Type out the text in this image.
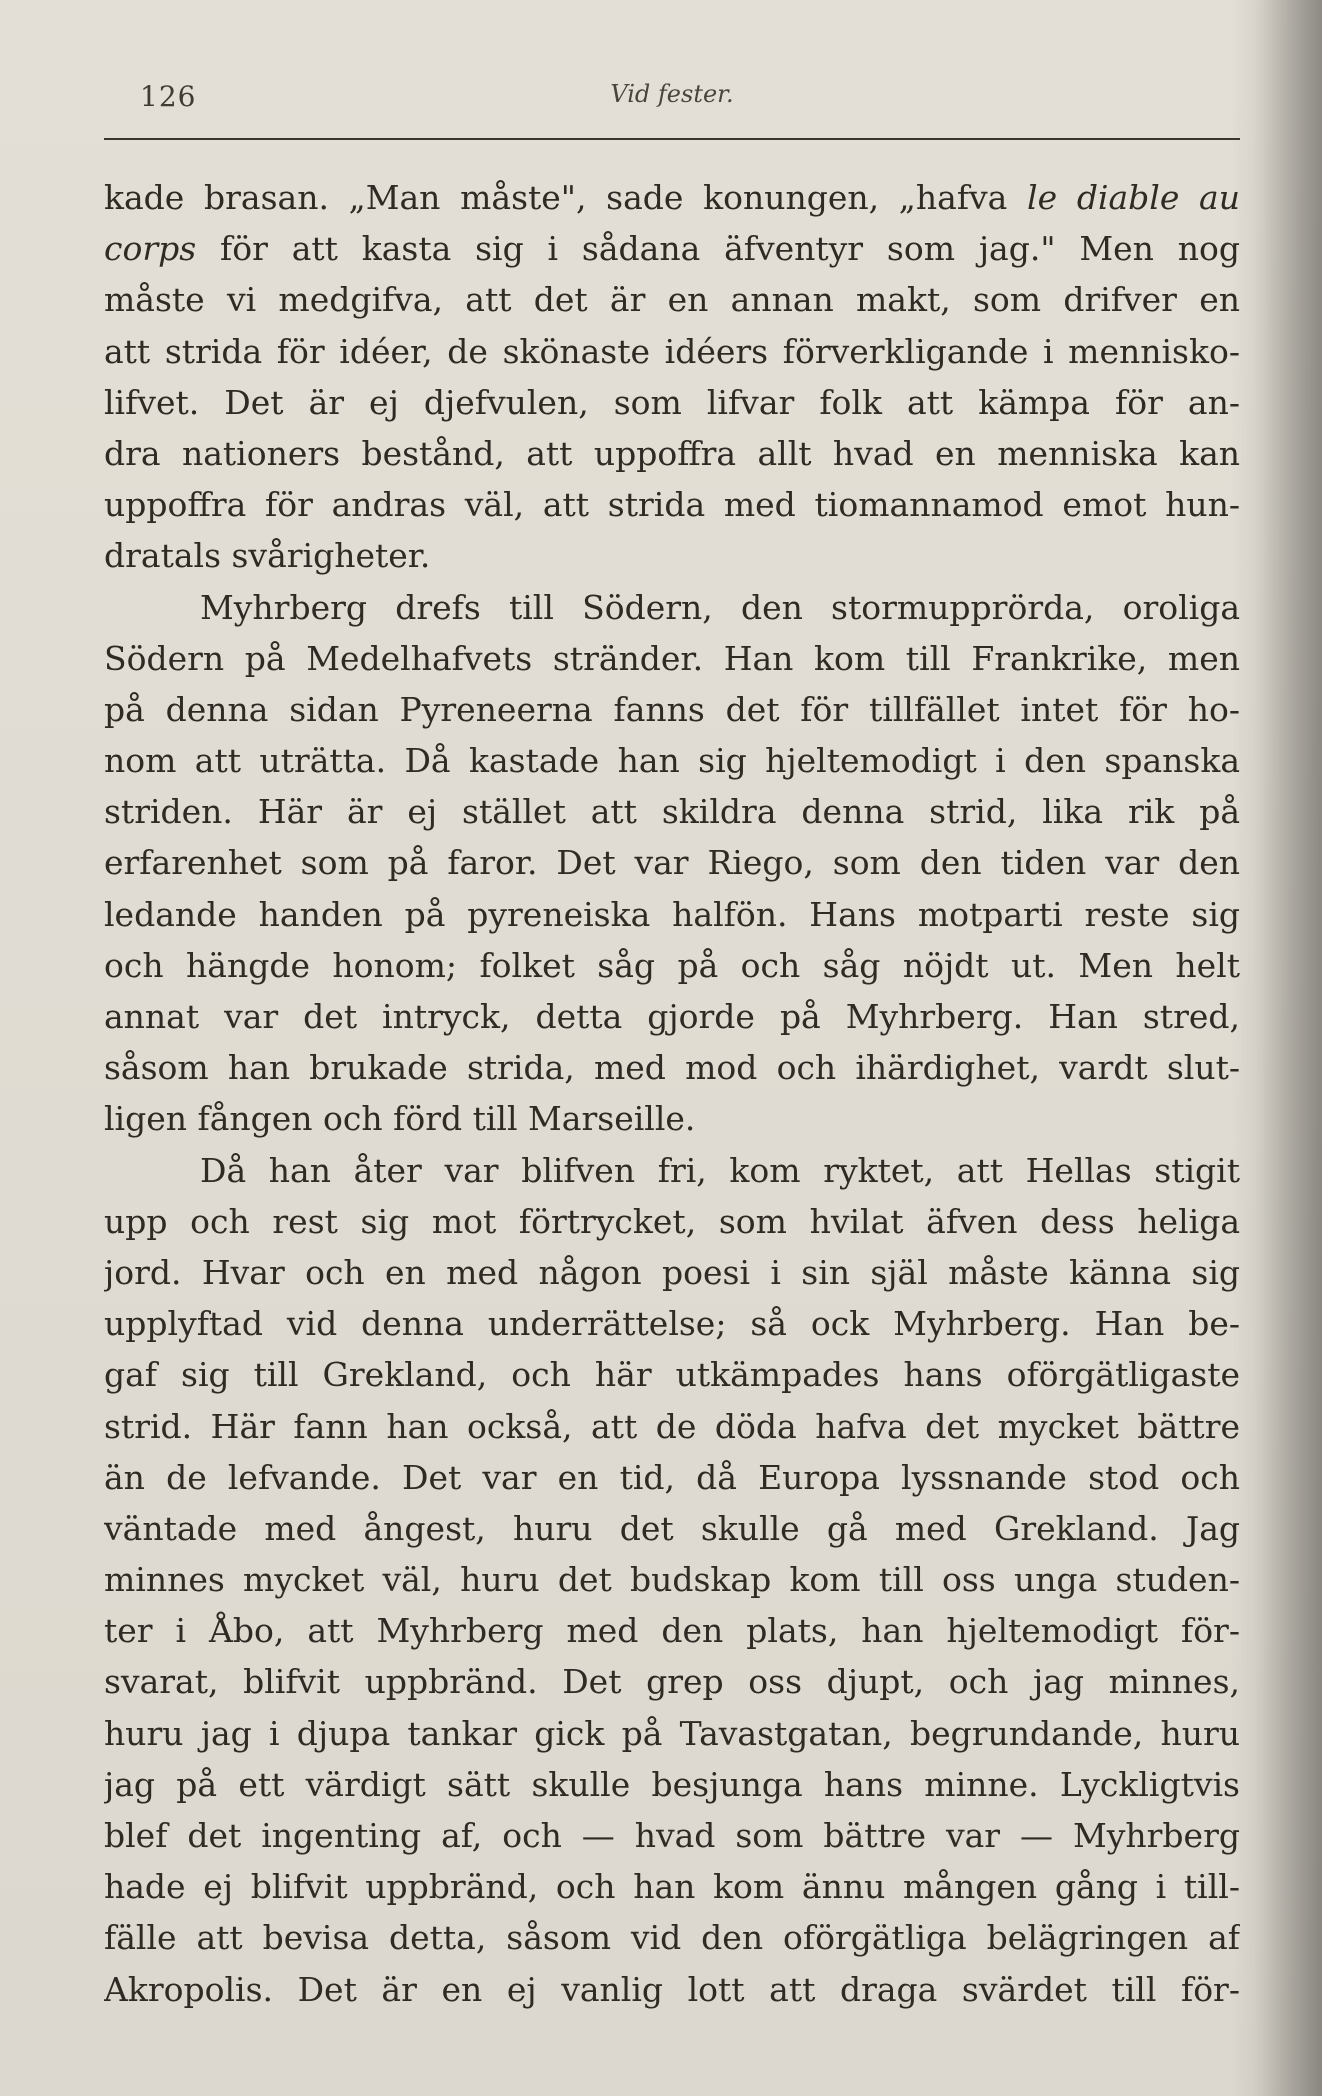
126	Vid fester.
kade brasan. „Man måste", sade konungen, „hafva le diable au
corps för att kasta sig i sådana äfventyr som jag." Men nog
måste vi medgifva, att det är en annan makt, som drifver en
att strida för idéer, de skönaste idéers förverkligande i mennisko-
lifvet. Det är ej djefvulen, som lifvar folk att kämpa för an-
dra nationers bestånd, att uppoffra allt hvad en menniska kan
uppoffra för andras väl, att strida med tiomannamod emot hun-
dratals svårigheter.
Myhrberg drefs till Södern, den stormupprörda, oroliga
Södern på Medelhafvets stränder. Han kom till Frankrike, men
på denna sidan Pyreneerna fanns det för tillfället intet för ho-
nom att uträtta. Då kastade han sig hjeltemodigt i den spanska
striden. Här är ej stället att skildra denna strid, lika rik på
erfarenhet som på faror. Det var Riego, som den tiden var den
ledande handen på pyreneiska halfön. Hans motparti reste sig
och hängde honom; folket såg på och såg nöjdt ut. Men helt
annat var det intryck, detta gjorde på Myhrberg. Han stred,
såsom han brukade strida, med mod och ihärdighet, vardt slut-
ligen fången och förd till Marseille.
Då han åter var blifven fri, kom ryktet, att Hellas stigit
upp och rest sig mot förtrycket, som hvilat äfven dess heliga
jord. Hvar och en med någon poesi i sin själ måste känna sig
upplyftad vid denna underrättelse; så ock Myhrberg. Han be-
gaf sig till Grekland, och här utkämpades hans oförgätligaste
strid. Här fann han också, att de döda hafva det mycket bättre
än de lefvande. Det var en tid, då Europa lyssnande stod och
väntade med ångest, huru det skulle gå med Grekland. Jag
minnes mycket väl, huru det budskap kom till oss unga studen-
ter i Åbo, att Myhrberg med den plats, han hjeltemodigt för-
svarat, blifvit uppbränd. Det grep oss djupt, och jag minnes,
huru jag i djupa tankar gick på Tavastgatan, begrundande, huru
jag på ett värdigt sätt skulle besjunga hans minne. Lyckligtvis
blef det ingenting af, och — hvad som bättre var — Myhrberg
hade ej blifvit uppbränd, och han kom ännu mången gång i till-
fälle att bevisa detta, såsom vid den oförgätliga belägringen af
Akropolis. Det är en ej vanlig lott att draga svärdet till för-
